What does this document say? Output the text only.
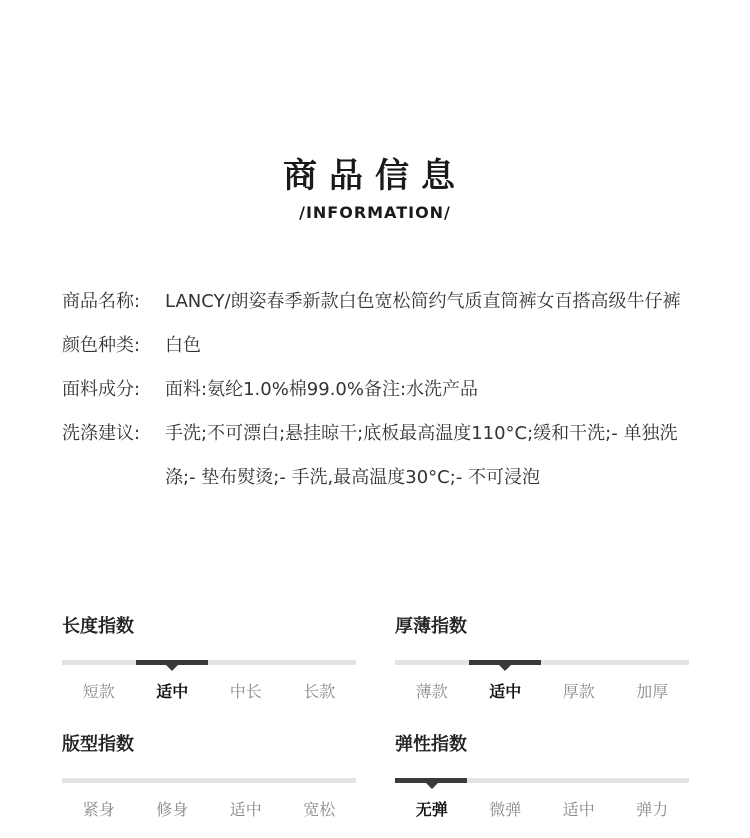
商品信息
/INFORMATION/
商品名称:	LANCY/朗姿春季新款白色宽松简约气质直筒裤女百搭高级牛仔裤
颜色种类:	白色
面料成分:	面料:氨纶1.0%棉99.0%备注:水洗产品
洗涤建议:	手洗;不可漂白;悬挂晾干;底板最高温度110°C;缓和干洗;- 单独洗涤;- 垫布熨烫;- 手洗,最高温度30°C;- 不可浸泡
长度指数
短款	适中	中长	长款
厚薄指数
薄款	适中	厚款	加厚
版型指数
紧身	修身	适中	宽松
弹性指数
无弹	微弹	适中	弹力
